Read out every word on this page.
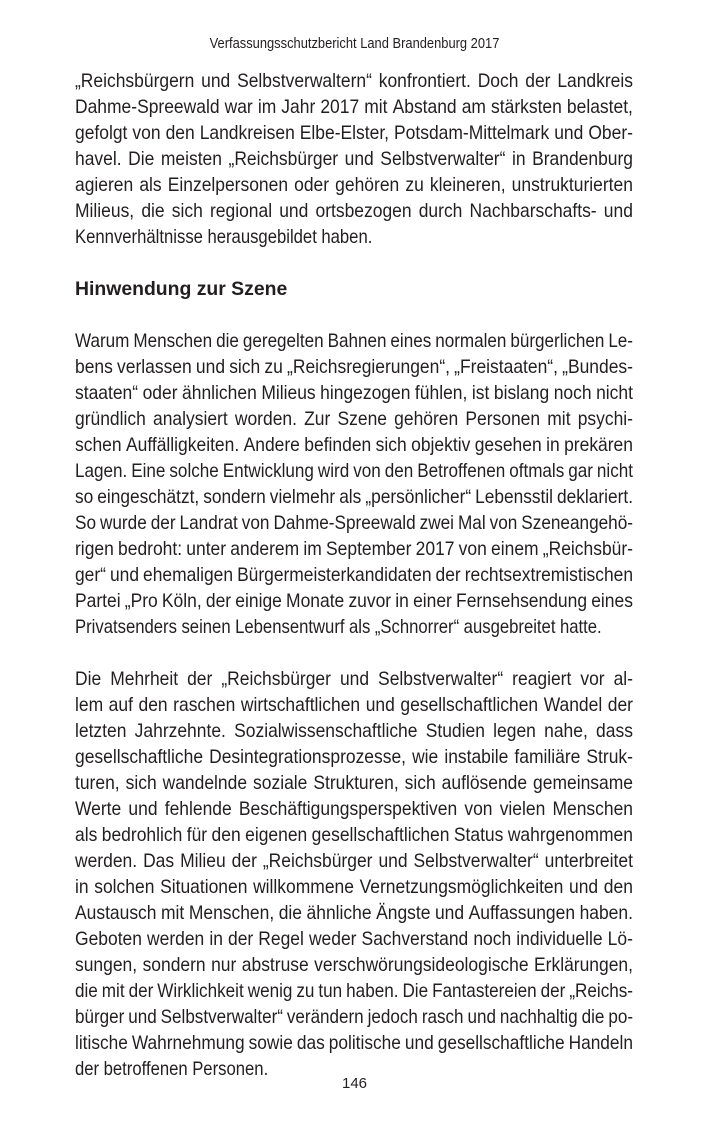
Verfassungsschutzbericht Land Brandenburg 2017
„Reichsbürgern und Selbstverwaltern“ konfrontiert. Doch der Landkreis
Dahme-Spreewald war im Jahr 2017 mit Abstand am stärksten belastet,
gefolgt von den Landkreisen Elbe-Elster, Potsdam-Mittelmark und Ober-
havel. Die meisten „Reichsbürger und Selbstverwalter“ in Brandenburg
agieren als Einzelpersonen oder gehören zu kleineren, unstrukturierten
Milieus, die sich regional und ortsbezogen durch Nachbarschafts- und
Kennverhältnisse herausgebildet haben.
Hinwendung zur Szene
Warum Menschen die geregelten Bahnen eines normalen bürgerlichen Le-
bens verlassen und sich zu „Reichsregierungen“, „Freistaaten“, „Bundes-
staaten“ oder ähnlichen Milieus hingezogen fühlen, ist bislang noch nicht
gründlich analysiert worden. Zur Szene gehören Personen mit psychi-
schen Auffälligkeiten. Andere befinden sich objektiv gesehen in prekären
Lagen. Eine solche Entwicklung wird von den Betroffenen oftmals gar nicht
so eingeschätzt, sondern vielmehr als „persönlicher“ Lebensstil deklariert.
So wurde der Landrat von Dahme-Spreewald zwei Mal von Szeneangehö-
rigen bedroht: unter anderem im September 2017 von einem „Reichsbür-
ger“ und ehemaligen Bürgermeisterkandidaten der rechtsextremistischen
Partei „Pro Köln, der einige Monate zuvor in einer Fernsehsendung eines
Privatsenders seinen Lebensentwurf als „Schnorrer“ ausgebreitet hatte.
Die Mehrheit der „Reichsbürger und Selbstverwalter“ reagiert vor al-
lem auf den raschen wirtschaftlichen und gesellschaftlichen Wandel der
letzten Jahrzehnte. Sozialwissenschaftliche Studien legen nahe, dass
gesellschaftliche Desintegrationsprozesse, wie instabile familiäre Struk-
turen, sich wandelnde soziale Strukturen, sich auflösende gemeinsame
Werte und fehlende Beschäftigungsperspektiven von vielen Menschen
als bedrohlich für den eigenen gesellschaftlichen Status wahrgenommen
werden. Das Milieu der „Reichsbürger und Selbstverwalter“ unterbreitet
in solchen Situationen willkommene Vernetzungsmöglichkeiten und den
Austausch mit Menschen, die ähnliche Ängste und Auffassungen haben.
Geboten werden in der Regel weder Sachverstand noch individuelle Lö-
sungen, sondern nur abstruse verschwörungsideologische Erklärungen,
die mit der Wirklichkeit wenig zu tun haben. Die Fantastereien der „Reichs-
bürger und Selbstverwalter“ verändern jedoch rasch und nachhaltig die po-
litische Wahrnehmung sowie das politische und gesellschaftliche Handeln
der betroffenen Personen.
146
